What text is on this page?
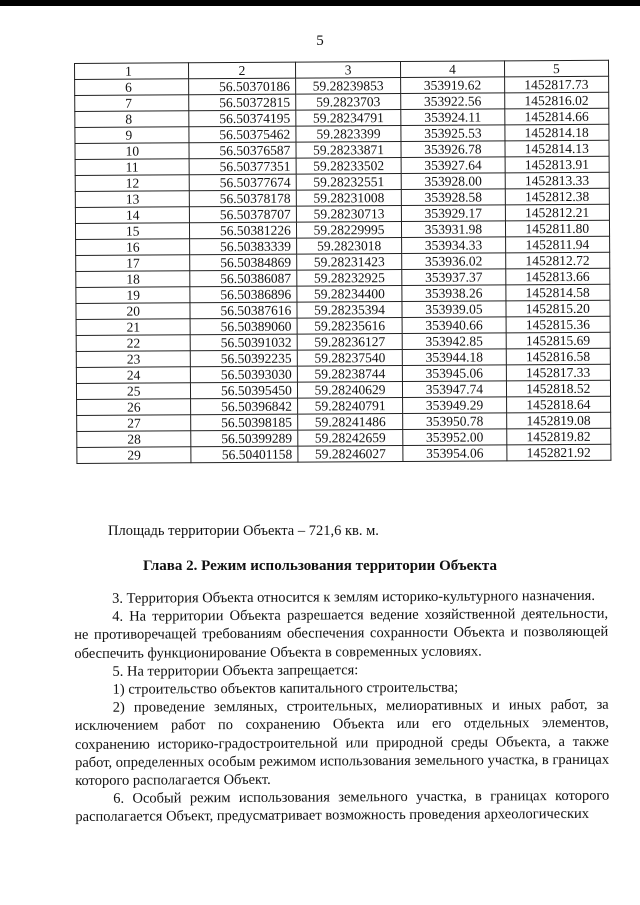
5
1	2	3	4	5
6	56.50370186	59.28239853	353919.62	1452817.73
7	56.50372815	59.2823703	353922.56	1452816.02
8	56.50374195	59.28234791	353924.11	1452814.66
9	56.50375462	59.2823399	353925.53	1452814.18
10	56.50376587	59.28233871	353926.78	1452814.13
11	56.50377351	59.28233502	353927.64	1452813.91
12	56.50377674	59.28232551	353928.00	1452813.33
13	56.50378178	59.28231008	353928.58	1452812.38
14	56.50378707	59.28230713	353929.17	1452812.21
15	56.50381226	59.28229995	353931.98	1452811.80
16	56.50383339	59.2823018	353934.33	1452811.94
17	56.50384869	59.28231423	353936.02	1452812.72
18	56.50386087	59.28232925	353937.37	1452813.66
19	56.50386896	59.28234400	353938.26	1452814.58
20	56.50387616	59.28235394	353939.05	1452815.20
21	56.50389060	59.28235616	353940.66	1452815.36
22	56.50391032	59.28236127	353942.85	1452815.69
23	56.50392235	59.28237540	353944.18	1452816.58
24	56.50393030	59.28238744	353945.06	1452817.33
25	56.50395450	59.28240629	353947.74	1452818.52
26	56.50396842	59.28240791	353949.29	1452818.64
27	56.50398185	59.28241486	353950.78	1452819.08
28	56.50399289	59.28242659	353952.00	1452819.82
29	56.50401158	59.28246027	353954.06	1452821.92
Площадь территории Объекта – 721,6 кв. м.
Глава 2. Режим использования территории Объекта

3. Территория Объекта относится к землям историко-культурного назначения.

4. На территории Объекта разрешается ведение хозяйственной деятельности, не противоречащей требованиям обеспечения сохранности Объекта и позволяющей обеспечить функционирование Объекта в современных условиях.

5. На территории Объекта запрещается:

1) строительство объектов капитального строительства;

2) проведение земляных, строительных, мелиоративных и иных работ, за исключением работ по сохранению Объекта или его отдельных элементов, сохранению историко-градостроительной или природной среды Объекта, а также работ, определенных особым режимом использования земельного участка, в границах которого располагается Объект.

6. Особый режим использования земельного участка, в границах которого располагается Объект, предусматривает возможность проведения археологических
